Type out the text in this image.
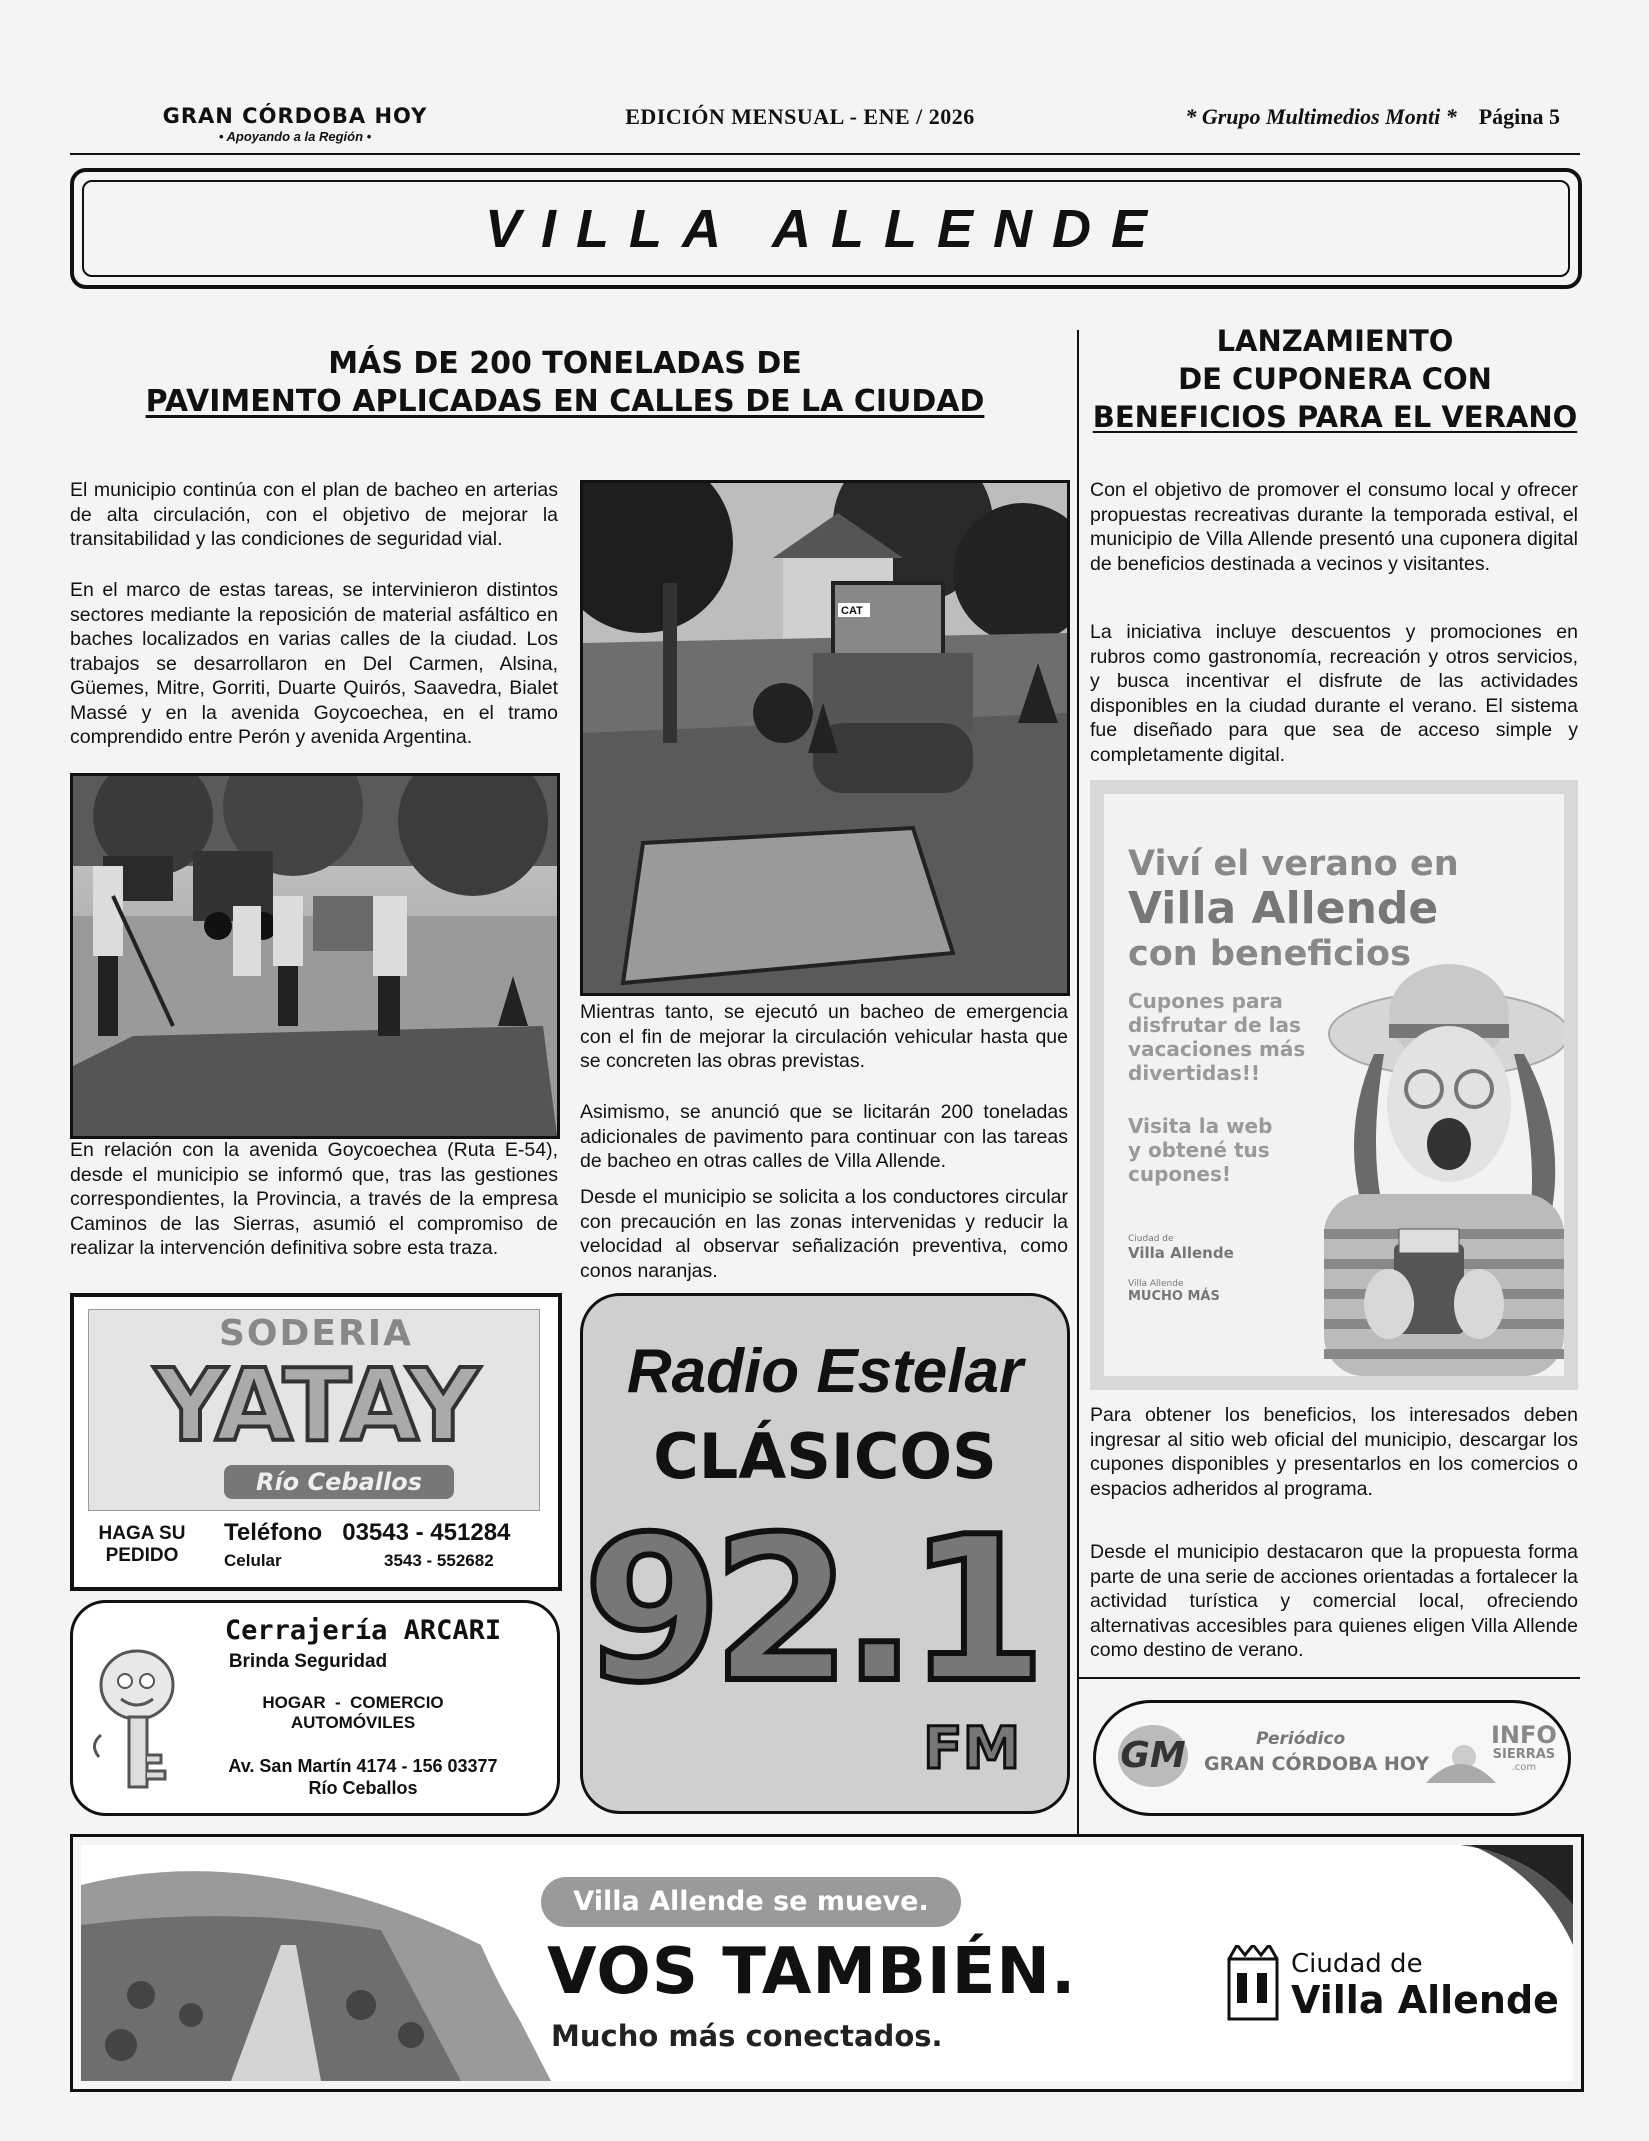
GRAN CÓRDOBA HOY
• Apoyando a la Región •
EDICIÓN MENSUAL - ENE / 2026	* Grupo Multimedios Monti * Página 5
VILLA ALLENDE
MÁS DE 200 TONELADAS DE
PAVIMENTO APLICADAS EN CALLES DE LA CIUDAD

El municipio continúa con el plan de bacheo en arterias de alta circulación, con el objetivo de mejorar la transitabilidad y las condiciones de seguridad vial.

En el marco de estas tareas, se intervinieron distintos sectores mediante la reposición de material asfáltico en baches localizados en varias calles de la ciudad. Los trabajos se desarrollaron en Del Carmen, Alsina, Güemes, Mitre, Gorriti, Duarte Quirós, Saavedra, Bialet Massé y en la avenida Goycoechea, en el tramo comprendido entre Perón y avenida Argentina.

En relación con la avenida Goycoechea (Ruta E-54), desde el municipio se informó que, tras las gestiones correspondientes, la Provincia, a través de la empresa Caminos de las Sierras, asumió el compromiso de realizar la intervención definitiva sobre esta traza.

CAT

Mientras tanto, se ejecutó un bacheo de emergencia con el fin de mejorar la circulación vehicular hasta que se concreten las obras previstas.

Asimismo, se anunció que se licitarán 200 toneladas adicionales de pavimento para continuar con las tareas de bacheo en otras calles de Villa Allende.

Desde el municipio se solicita a los conductores circular con precaución en las zonas intervenidas y reducir la velocidad al observar señalización preventiva, como conos naranjas.

LANZAMIENTO
DE CUPONERA CON
BENEFICIOS PARA EL VERANO

Con el objetivo de promover el consumo local y ofrecer propuestas recreativas durante la temporada estival, el municipio de Villa Allende presentó una cuponera digital de beneficios destinada a vecinos y visitantes.

La iniciativa incluye descuentos y promociones en rubros como gastronomía, recreación y otros servicios, y busca incentivar el disfrute de las actividades disponibles en la ciudad durante el verano. El sistema fue diseñado para que sea de acceso simple y completamente digital.

Viví el verano en
Villa Allende
con beneficios
Cupones para
disfrutar de las
vacaciones más
divertidas!!
Visita la web
y obtené tus
cupones!
Ciudad de
Villa Allende
Villa Allende
MUCHO MÁS

Para obtener los beneficios, los interesados deben ingresar al sitio web oficial del municipio, descargar los cupones disponibles y presentarlos en los comercios o espacios adheridos al programa.

Desde el municipio destacaron que la propuesta forma parte de una serie de acciones orientadas a fortalecer la actividad turística y comercial local, ofreciendo alternativas accesibles para quienes eligen Villa Allende como destino de verano.

SODERIA
YATAY
Río Ceballos
HAGA SU
PEDIDO
Teléfono 03543 - 451284
Celular	3543 - 552682
Cerrajería ARCARI
Brinda Seguridad
HOGAR  -  COMERCIO
AUTOMÓVILES
Av. San Martín 4174 - 156 03377
Río Ceballos
Radio Estelar
CLÁSICOS
92.1
FM	GM	Periódico
GRAN CÓRDOBA HOY
INFO
SIERRAS
.com
Villa Allende se mueve.
VOS TAMBIÉN.
Mucho más conectados.
Ciudad de
Villa Allende
